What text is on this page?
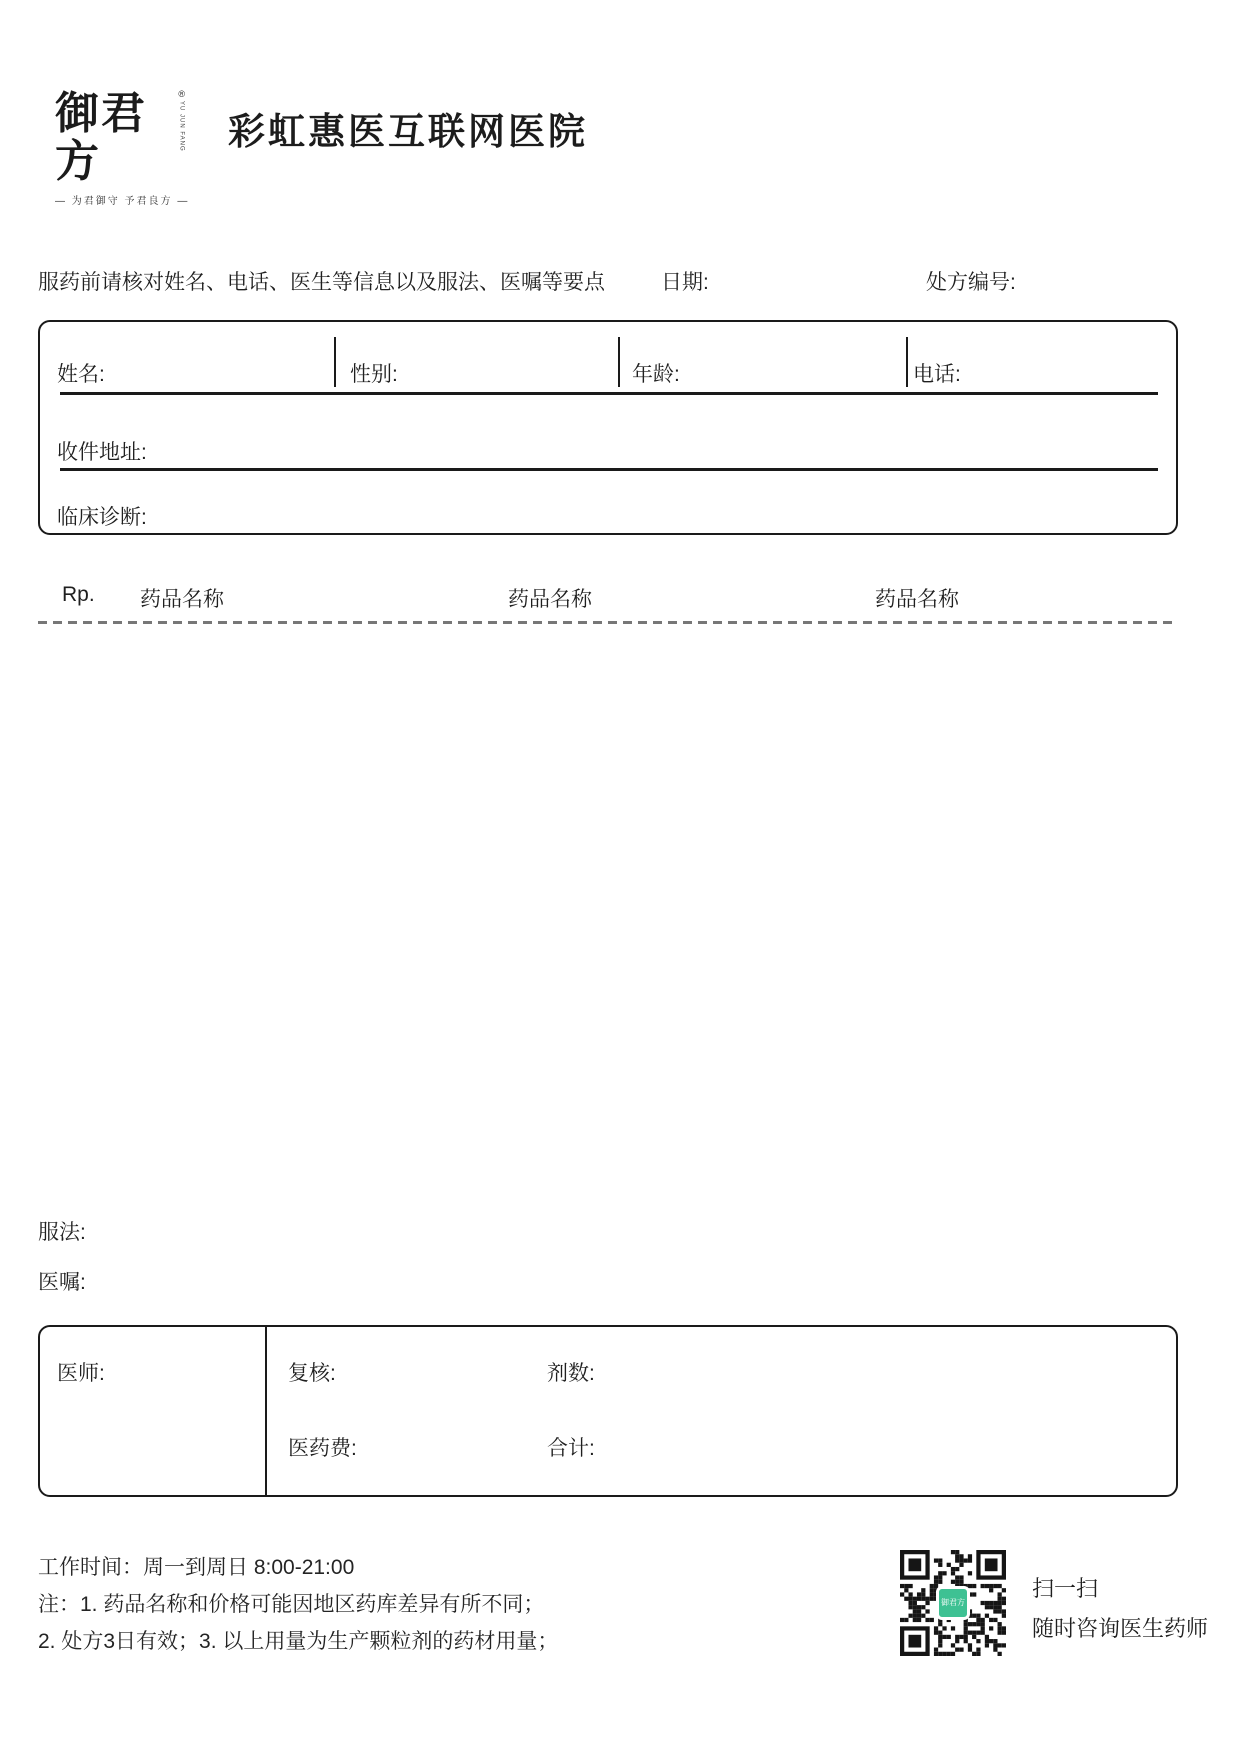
御君方
®
YU JUN FANG
— 为君御守 予君良方 —
彩虹惠医互联网医院
服药前请核对姓名、电话、医生等信息以及服法、医嘱等要点	日期:	处方编号:
姓名:	性别:	年龄:	电话:
收件地址:
临床诊断:
Rp. 药品名称	药品名称	药品名称
服法:
医嘱:
医师:	复核:	剂数:
医药费:	合计:
工作时间：周一到周日 8:00-21:00
注：1. 药品名称和价格可能因地区药库差异有所不同；
2. 处方3日有效；3. 以上用量为生产颗粒剂的药材用量；
御君方
扫一扫
随时咨询医生药师
